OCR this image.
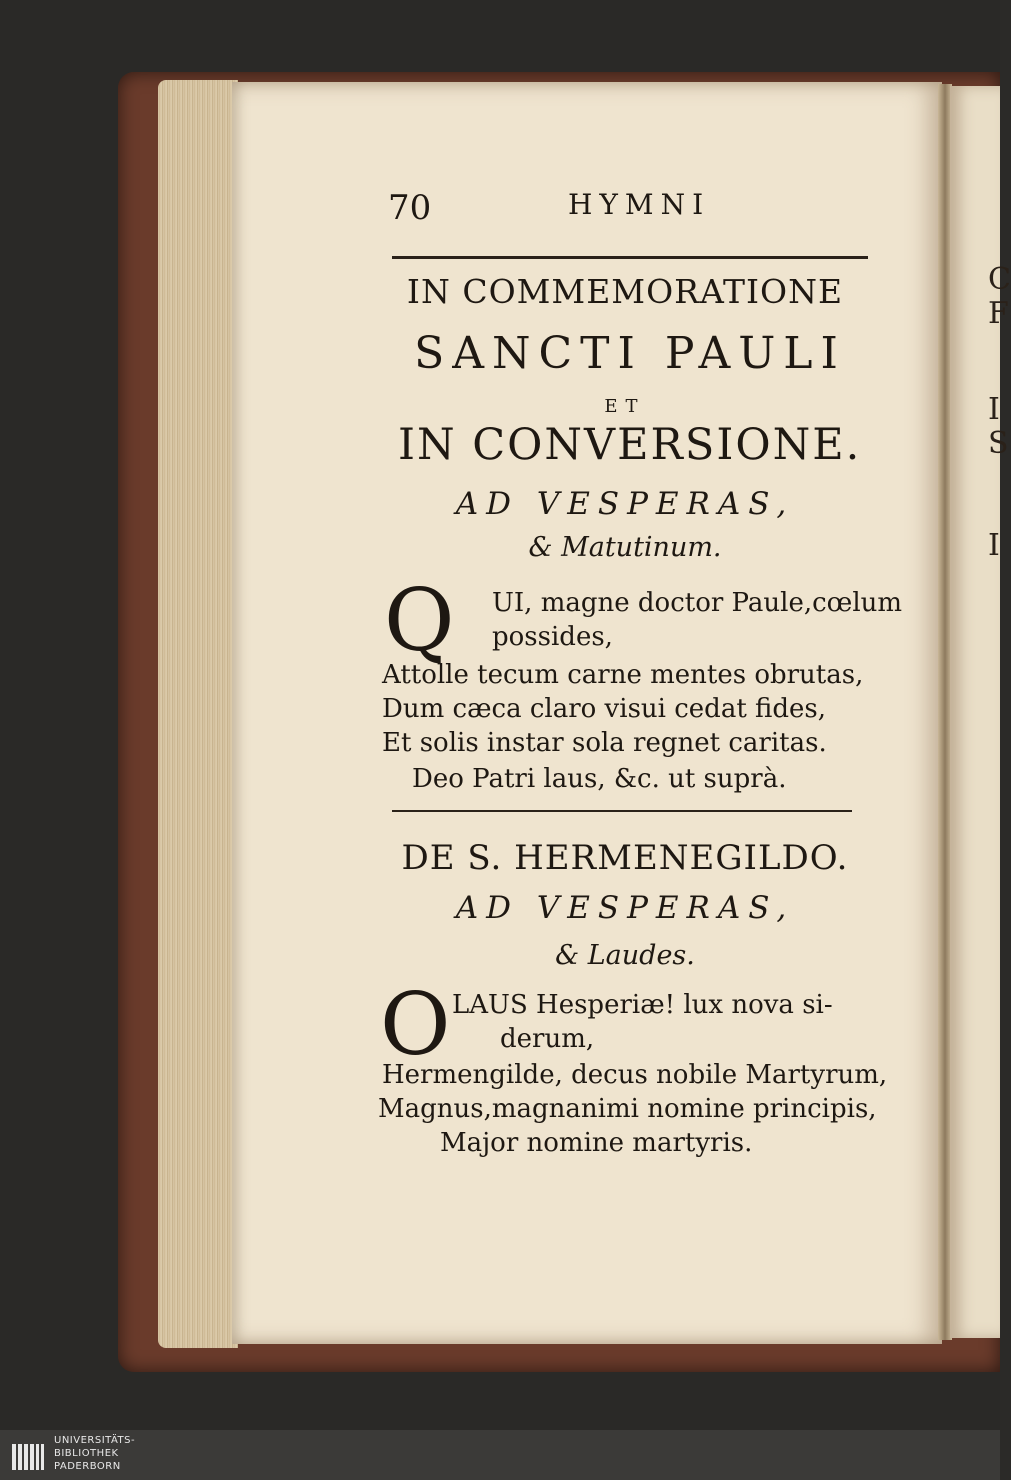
C
F
I
S
I
70	HYMNI
IN COMMEMORATIONE
SANCTI PAULI
ET
IN CONVERSIONE.
AD VESPERAS,
& Matutinum.
Q UI, magne doctor Paule,cœlum
possides,
Attolle tecum carne mentes obrutas,
Dum cæca claro visui cedat fides,
Et solis instar sola regnet caritas.
Deo Patri laus, &c. ut suprà.
DE S. HERMENEGILDO.
AD VESPERAS,
& Laudes.
O LAUS Hesperiæ! lux nova si-
derum,
Hermengilde, decus nobile Martyrum,
Magnus,magnanimi nomine principis,
Major nomine martyris.
UNIVERSITÄTS-
BIBLIOTHEK
PADERBORN
